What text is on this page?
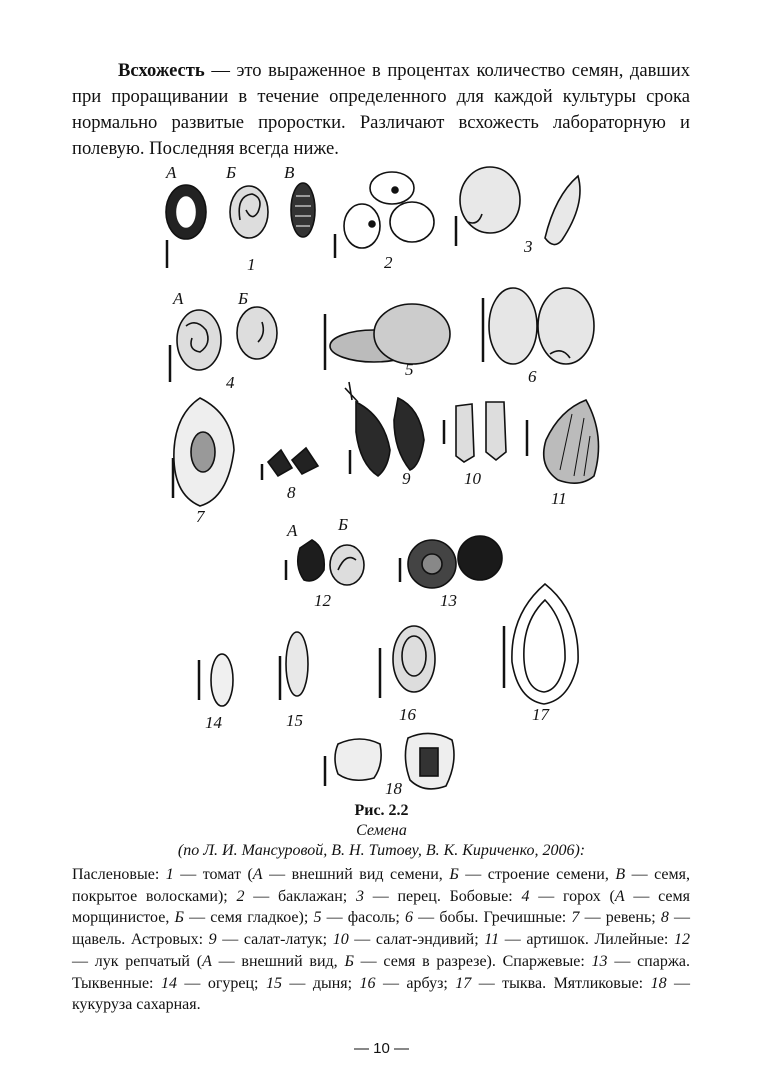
Всхожесть — это выраженное в процентах количество семян, давших при проращивании в течение определенного для каждой культуры срока нормально развитые проростки. Различают всхожесть лабораторную и полевую. Последняя всегда ниже.

А	Б	В
1	2
3
А	Б
4
5	6
7
8
9	10
11
А Б
12	13
14	15	16	17
18

Рис. 2.2

Семена

(по Л. И. Мансуровой, В. Н. Титову, В. К. Кириченко, 2006):

Пасленовые: 1 — томат (А — внешний вид семени, Б — строение семени, В — семя, покрытое волосками); 2 — баклажан; 3 — перец. Бобовые: 4 — горох (А — семя морщинистое, Б — семя гладкое); 5 — фасоль; 6 — бобы. Гречишные: 7 — ревень; 8 — щавель. Астровых: 9 — салат-латук; 10 — салат-эндивий; 11 — артишок. Лилейные: 12 — лук репчатый (А — внешний вид, Б — семя в разрезе). Спаржевые: 13 — спаржа. Тыквенные: 14 — огурец; 15 — дыня; 16 — арбуз; 17 — тыква. Мятликовые: 18 — кукуруза сахарная.

— 10 —
